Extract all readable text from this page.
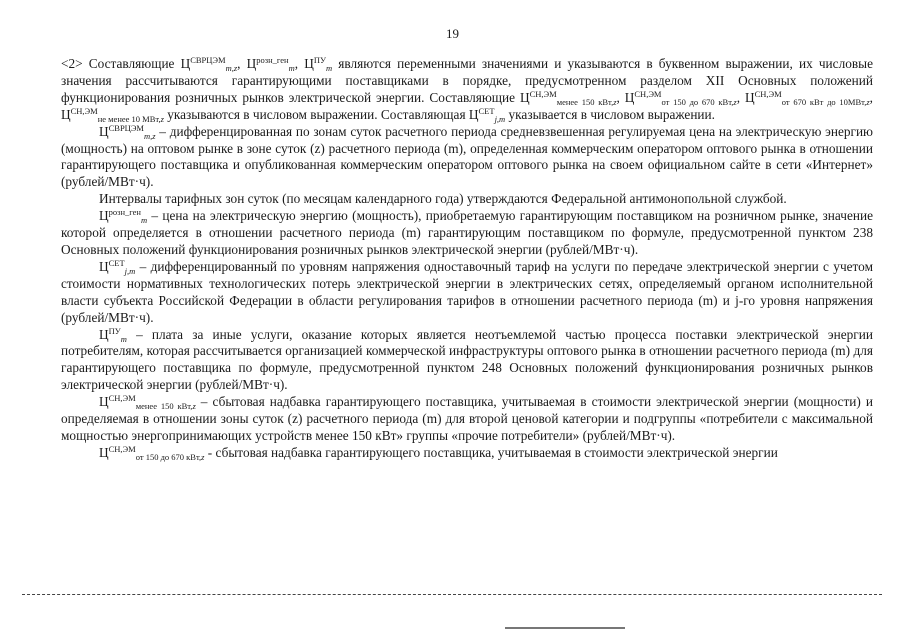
19

<2> Составляющие $Ц^{СВРЦЭМ}_{m,z}$, $Ц^{розн\_ген}_m$, $Ц^{ПУ}_m$ являются переменными значениями и указываются в буквенном выражении, их числовые значения рассчитываются гарантирующими поставщиками в порядке, предусмотренном разделом XII Основных положений функционирования розничных рынков электрической энергии. Составляющие $Ц^{СН,ЭМ}_{менее 150 кВт,z}$, $Ц^{СН,ЭМ}_{от 150 до 670 кВт,z}$, $Ц^{СН,ЭМ}_{от 670 кВт до 10МВт,z}$, $Ц^{СН,ЭМ}_{не менее 10 МВт,z}$ указываются в числовом выражении. Составляющая $Ц^{СЕТ}_{j,m}$ указывается в числовом выражении.

$Ц^{СВРЦЭМ}_{m,z}$ – дифференцированная по зонам суток расчетного периода средневзвешенная регулируемая цена на электрическую энергию (мощность) на оптовом рынке в зоне суток (z) расчетного периода (m), определенная коммерческим оператором оптового рынка в отношении гарантирующего поставщика и опубликованная коммерческим оператором оптового рынка на своем официальном сайте в сети «Интернет» (рублей/МВт·ч).

Интервалы тарифных зон суток (по месяцам календарного года) утверждаются Федеральной антимонопольной службой.

$Ц^{розн\_ген}_m$ – цена на электрическую энергию (мощность), приобретаемую гарантирующим поставщиком на розничном рынке, значение которой определяется в отношении расчетного периода (m) гарантирующим поставщиком по формуле, предусмотренной пунктом 238 Основных положений функционирования розничных рынков электрической энергии (рублей/МВт·ч).

$Ц^{СЕТ}_{j,m}$ – дифференцированный по уровням напряжения одноставочный тариф на услуги по передаче электрической энергии с учетом стоимости нормативных технологических потерь электрической энергии в электрических сетях, определяемый органом исполнительной власти субъекта Российской Федерации в области регулирования тарифов в отношении расчетного периода (m) и j-го уровня напряжения (рублей/МВт·ч).

$Ц^{ПУ}_m$ – плата за иные услуги, оказание которых является неотъемлемой частью процесса поставки электрической энергии потребителям, которая рассчитывается организацией коммерческой инфраструктуры оптового рынка в отношении расчетного периода (m) для гарантирующего поставщика по формуле, предусмотренной пунктом 248 Основных положений функционирования розничных рынков электрической энергии (рублей/МВт·ч).

$Ц^{СН,ЭМ}_{менее 150 кВт,z}$ – сбытовая надбавка гарантирующего поставщика, учитываемая в стоимости электрической энергии (мощности) и определяемая в отношении зоны суток (z) расчетного периода (m) для второй ценовой категории и подгруппы «потребители с максимальной мощностью энергопринимающих устройств менее 150 кВт» группы «прочие потребители» (рублей/МВт·ч).

$Ц^{СН,ЭМ}_{от 150 до 670 кВт,z}$ - сбытовая надбавка гарантирующего поставщика, учитываемая в стоимости электрической энергии
